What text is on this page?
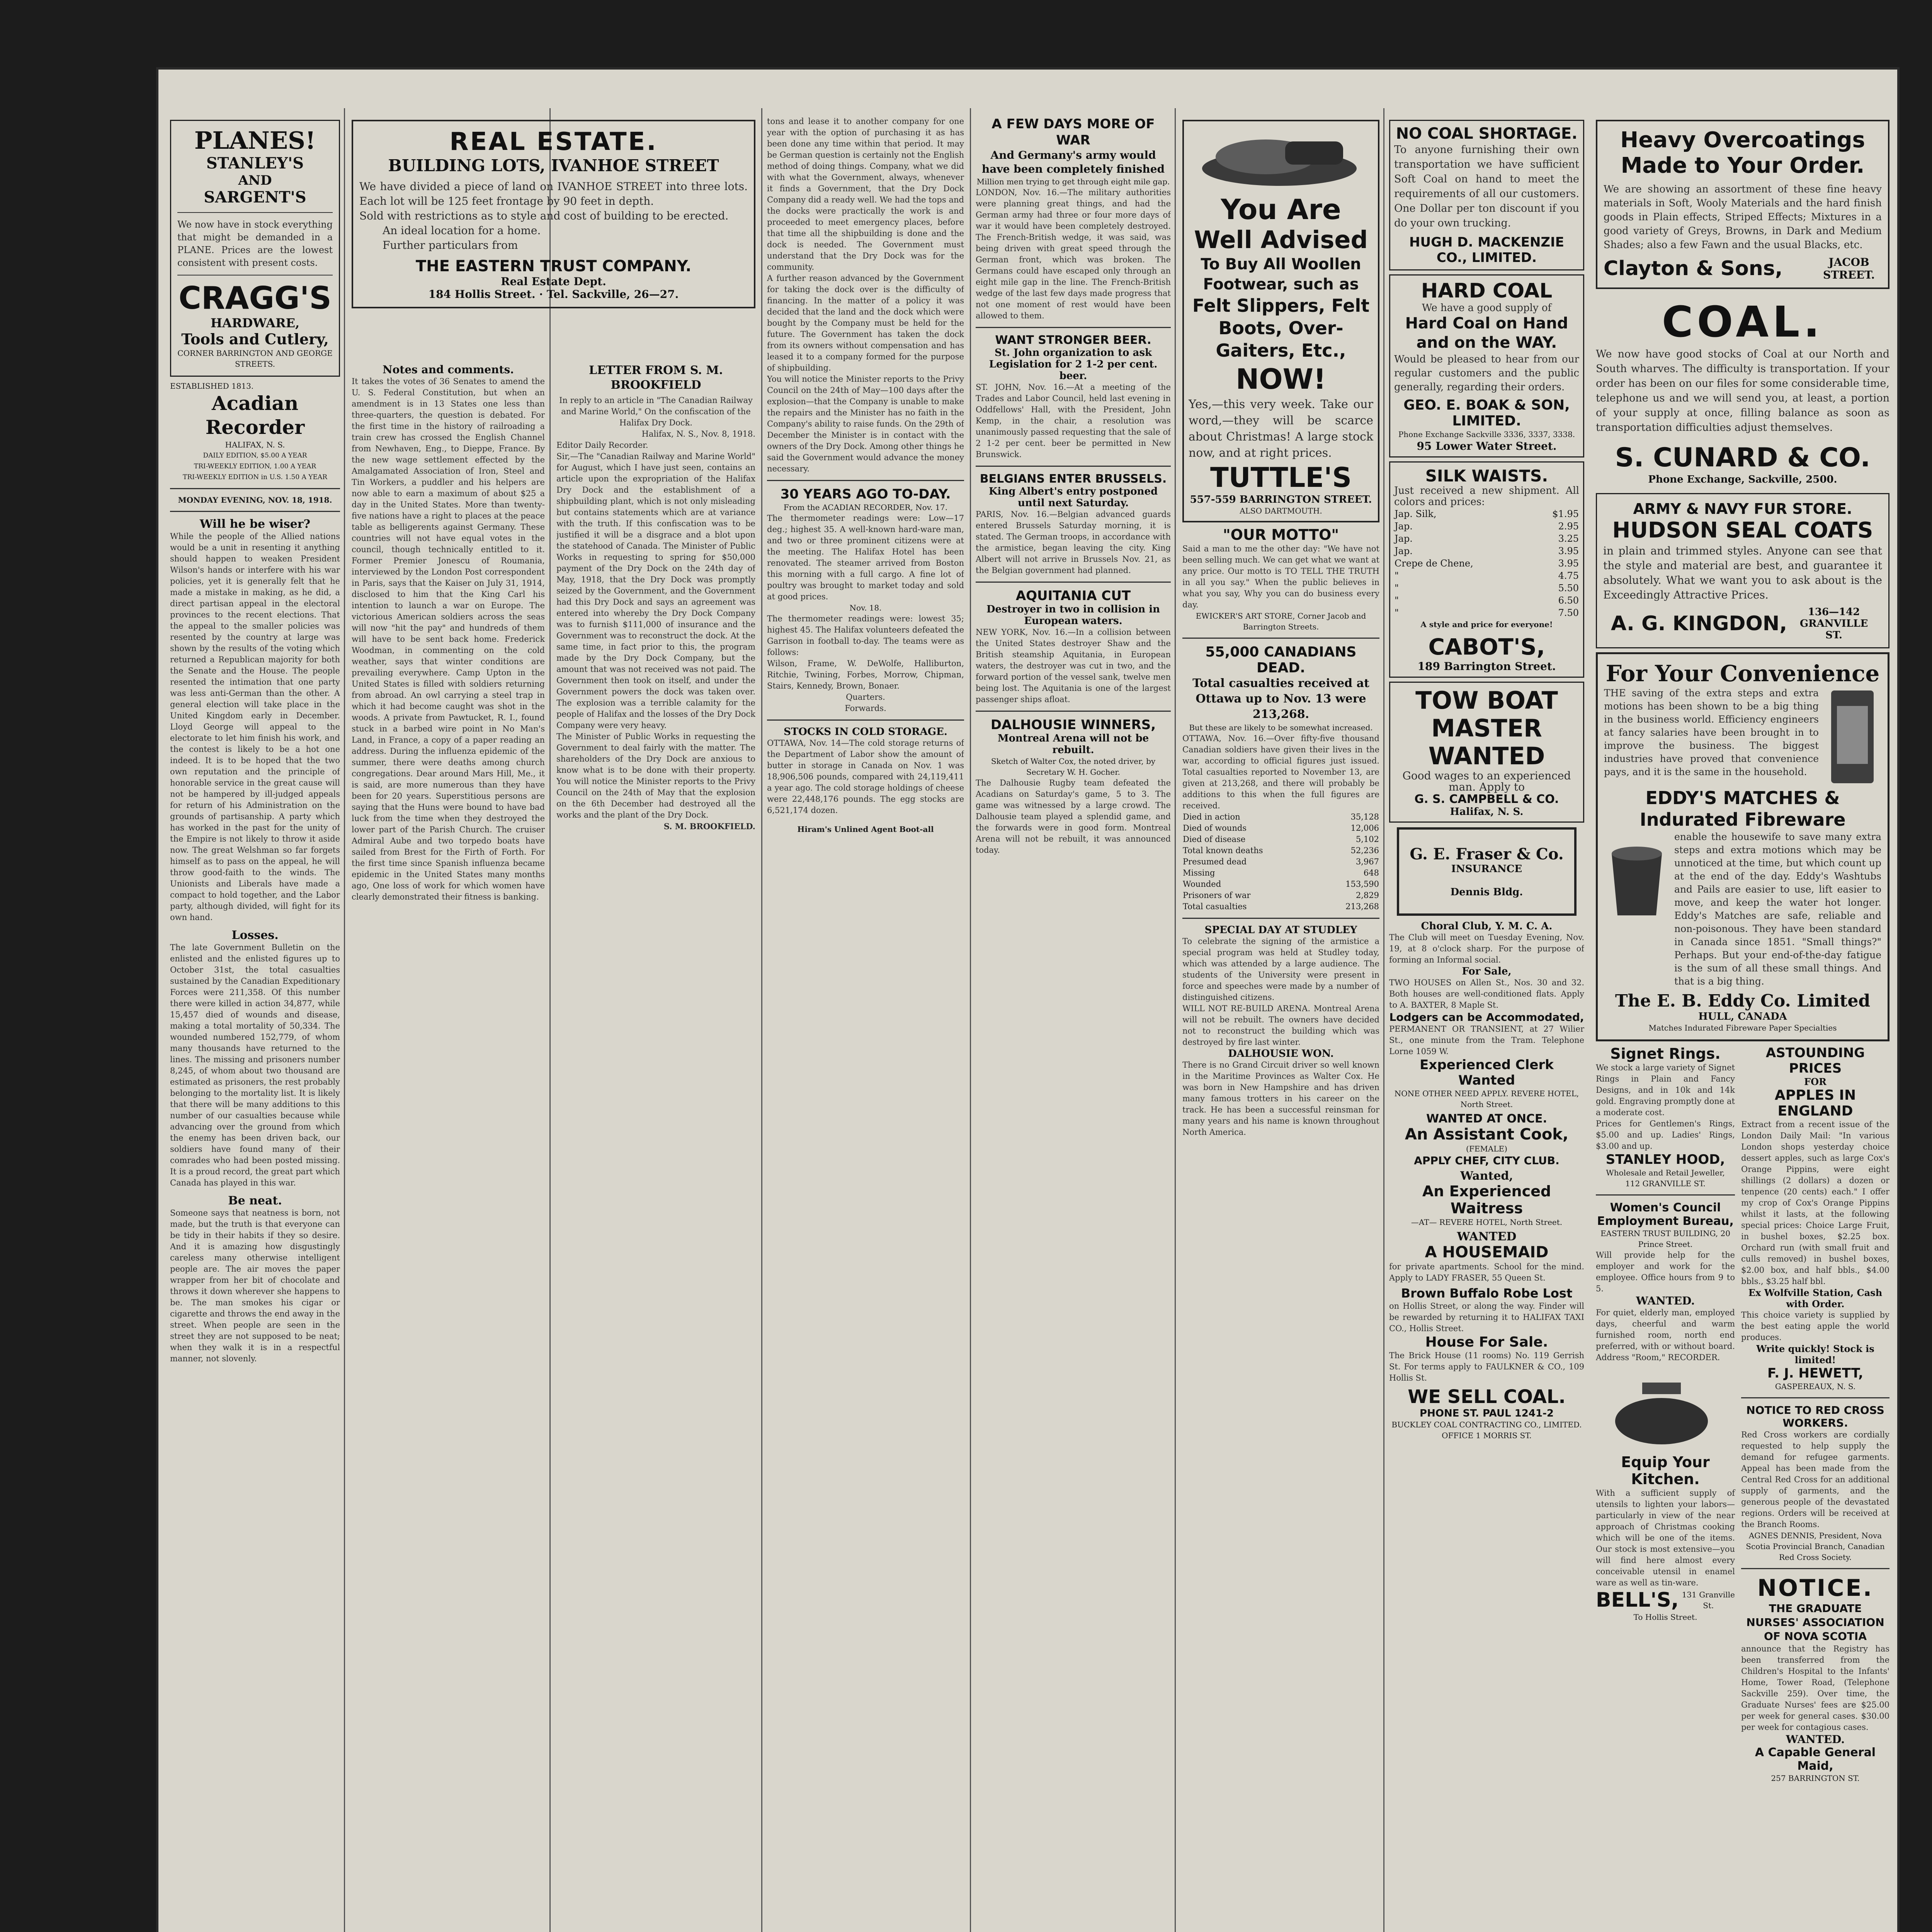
PLANES!
STANLEY'S
AND
SARGENT'S
We now have in stock everything that might be demanded in a PLANE. Prices are the lowest consistent with present costs.
CRAGG'S
HARDWARE,
Tools and Cutlery,
CORNER BARRINGTON AND GEORGE STREETS.
ESTABLISHED 1813.
Acadian Recorder
HALIFAX, N. S.
DAILY EDITION, $5.00 A YEAR
TRI-WEEKLY EDITION, 1.00 A YEAR
TRI-WEEKLY EDITION in U.S. 1.50 A YEAR
MONDAY EVENING, NOV. 18, 1918.
Will he be wiser?
While the people of the Allied nations would be a unit in resenting it anything should happen to weaken President Wilson's hands or interfere with his war policies, yet it is generally felt that he made a mistake in making, as he did, a direct partisan appeal in the electoral provinces to the recent elections. That the appeal to the smaller policies was resented by the country at large was shown by the results of the voting which returned a Republican majority for both the Senate and the House. The people resented the intimation that one party was less anti-German than the other. A general election will take place in the United Kingdom early in December. Lloyd George will appeal to the electorate to let him finish his work, and the contest is likely to be a hot one indeed. It is to be hoped that the two own reputation and the principle of honorable service in the great cause will not be hampered by ill-judged appeals for return of his Administration on the grounds of partisanship. A party which has worked in the past for the unity of the Empire is not likely to throw it aside now. The great Welshman so far forgets himself as to pass on the appeal, he will throw good-faith to the winds. The Unionists and Liberals have made a compact to hold together, and the Labor party, although divided, will fight for its own hand.
Losses.
The late Government Bulletin on the enlisted and the enlisted figures up to October 31st, the total casualties sustained by the Canadian Expeditionary Forces were 211,358. Of this number there were killed in action 34,877, while 15,457 died of wounds and disease, making a total mortality of 50,334. The wounded numbered 152,779, of whom many thousands have returned to the lines. The missing and prisoners number 8,245, of whom about two thousand are estimated as prisoners, the rest probably belonging to the mortality list. It is likely that there will be many additions to this number of our casualties because while advancing over the ground from which the enemy has been driven back, our soldiers have found many of their comrades who had been posted missing. It is a proud record, the great part which Canada has played in this war.
Be neat.
Someone says that neatness is born, not made, but the truth is that everyone can be tidy in their habits if they so desire. And it is amazing how disgustingly careless many otherwise intelligent people are. The air moves the paper wrapper from her bit of chocolate and throws it down wherever she happens to be. The man smokes his cigar or cigarette and throws the end away in the street. When people are seen in the street they are not supposed to be neat; when they walk it is in a respectful manner, not slovenly.
REAL ESTATE.
BUILDING LOTS, IVANHOE STREET
We have divided a piece of land on IVANHOE STREET into three lots. Each lot will be 125 feet frontage by 90 feet in depth.
Sold with restrictions as to style and cost of building to be erected.
An ideal location for a home.
Further particulars from
THE EASTERN TRUST COMPANY.
Real Estate Dept.
184 Hollis Street. · Tel. Sackville, 26—27.
Notes and comments.
It takes the votes of 36 Senates to amend the U. S. Federal Constitution, but when an amendment is in 13 States one less than three-quarters, the question is debated. For the first time in the history of railroading a train crew has crossed the English Channel from Newhaven, Eng., to Dieppe, France. By the new wage settlement effected by the Amalgamated Association of Iron, Steel and Tin Workers, a puddler and his helpers are now able to earn a maximum of about $25 a day in the United States. More than twenty-five nations have a right to places at the peace table as belligerents against Germany. These countries will not have equal votes in the council, though technically entitled to it. Former Premier Jonescu of Roumania, interviewed by the London Post correspondent in Paris, says that the Kaiser on July 31, 1914, disclosed to him that the King Carl his intention to launch a war on Europe. The victorious American soldiers across the seas will now "hit the pay" and hundreds of them will have to be sent back home. Frederick Woodman, in commenting on the cold weather, says that winter conditions are prevailing everywhere. Camp Upton in the United States is filled with soldiers returning from abroad. An owl carrying a steel trap in which it had become caught was shot in the woods. A private from Pawtucket, R. I., found stuck in a barbed wire point in No Man's Land, in France, a copy of a paper reading an address. During the influenza epidemic of the summer, there were deaths among church congregations. Dear around Mars Hill, Me., it is said, are more numerous than they have been for 20 years. Superstitious persons are saying that the Huns were bound to have bad luck from the time when they destroyed the lower part of the Parish Church. The cruiser Admiral Aube and two torpedo boats have sailed from Brest for the Firth of Forth. For the first time since Spanish influenza became epidemic in the United States many months ago, One loss of work for which women have clearly demonstrated their fitness is banking.
LETTER FROM S. M. BROOKFIELD
In reply to an article in "The Canadian Railway and Marine World," On the confiscation of the Halifax Dry Dock.
Halifax, N. S., Nov. 8, 1918.
Editor Daily Recorder.
Sir,—The "Canadian Railway and Marine World" for August, which I have just seen, contains an article upon the expropriation of the Halifax Dry Dock and the establishment of a shipbuilding plant, which is not only misleading but contains statements which are at variance with the truth. If this confiscation was to be justified it will be a disgrace and a blot upon the statehood of Canada. The Minister of Public Works in requesting to spring for $50,000 payment of the Dry Dock on the 24th day of May, 1918, that the Dry Dock was promptly seized by the Government, and the Government had this Dry Dock and says an agreement was entered into whereby the Dry Dock Company was to furnish $111,000 of insurance and the Government was to reconstruct the dock. At the same time, in fact prior to this, the program made by the Dry Dock Company, but the amount that was not received was not paid. The Government then took on itself, and under the Government powers the dock was taken over. The explosion was a terrible calamity for the people of Halifax and the losses of the Dry Dock Company were very heavy.
The Minister of Public Works in requesting the Government to deal fairly with the matter. The shareholders of the Dry Dock are anxious to know what is to be done with their property. You will notice the Minister reports to the Privy Council on the 24th of May that the explosion on the 6th December had destroyed all the works and the plant of the Dry Dock.
S. M. BROOKFIELD.
tons and lease it to another company for one year with the option of purchasing it as has been done any time within that period. It may be German question is certainly not the English method of doing things. Company, what we did with what the Government, always, whenever it finds a Government, that the Dry Dock Company did a ready well. We had the tops and the docks were practically the work is and proceeded to meet emergency places, before that time all the shipbuilding is done and the dock is needed. The Government must understand that the Dry Dock was for the community.
A further reason advanced by the Government for taking the dock over is the difficulty of financing. In the matter of a policy it was decided that the land and the dock which were bought by the Company must be held for the future. The Government has taken the dock from its owners without compensation and has leased it to a company formed for the purpose of shipbuilding.
You will notice the Minister reports to the Privy Council on the 24th of May—100 days after the explosion—that the Company is unable to make the repairs and the Minister has no faith in the Company's ability to raise funds. On the 29th of December the Minister is in contact with the owners of the Dry Dock. Among other things he said the Government would advance the money necessary.
30 YEARS AGO TO-DAY.
From the ACADIAN RECORDER, Nov. 17.
The thermometer readings were: Low—17 deg.; highest 35. A well-known hard-ware man, and two or three prominent citizens were at the meeting. The Halifax Hotel has been renovated. The steamer arrived from Boston this morning with a full cargo. A fine lot of poultry was brought to market today and sold at good prices.
Nov. 18.
The thermometer readings were: lowest 35; highest 45. The Halifax volunteers defeated the Garrison in football to-day. The teams were as follows:
Wilson, Frame, W. DeWolfe, Halliburton, Ritchie, Twining, Forbes, Morrow, Chipman, Stairs, Kennedy, Brown, Bonaer.
Quarters.
Forwards.
STOCKS IN COLD STORAGE.
OTTAWA, Nov. 14—The cold storage returns of the Department of Labor show the amount of butter in storage in Canada on Nov. 1 was 18,906,506 pounds, compared with 24,119,411 a year ago. The cold storage holdings of cheese were 22,448,176 pounds. The egg stocks are 6,521,174 dozen.
Hiram's Unlined Agent Boot-all
A FEW DAYS MORE OF WAR
And Germany's army would have been completely finished
Million men trying to get through eight mile gap.
LONDON, Nov. 16.—The military authorities were planning great things, and had the German army had three or four more days of war it would have been completely destroyed. The French-British wedge, it was said, was being driven with great speed through the German front, which was broken. The Germans could have escaped only through an eight mile gap in the line. The French-British wedge of the last few days made progress that not one moment of rest would have been allowed to them.
WANT STRONGER BEER.
St. John organization to ask Legislation for 2 1-2 per cent. beer.
ST. JOHN, Nov. 16.—At a meeting of the Trades and Labor Council, held last evening in Oddfellows' Hall, with the President, John Kemp, in the chair, a resolution was unanimously passed requesting that the sale of 2 1-2 per cent. beer be permitted in New Brunswick.
BELGIANS ENTER BRUSSELS.
King Albert's entry postponed until next Saturday.
PARIS, Nov. 16.—Belgian advanced guards entered Brussels Saturday morning, it is stated. The German troops, in accordance with the armistice, began leaving the city. King Albert will not arrive in Brussels Nov. 21, as the Belgian government had planned.
AQUITANIA CUT
Destroyer in two in collision in European waters.
NEW YORK, Nov. 16.—In a collision between the United States destroyer Shaw and the British steamship Aquitania, in European waters, the destroyer was cut in two, and the forward portion of the vessel sank, twelve men being lost. The Aquitania is one of the largest passenger ships afloat.
DALHOUSIE WINNERS,
Montreal Arena will not be rebuilt.
Sketch of Walter Cox, the noted driver, by Secretary W. H. Gocher.
The Dalhousie Rugby team defeated the Acadians on Saturday's game, 5 to 3. The game was witnessed by a large crowd. The Dalhousie team played a splendid game, and the forwards were in good form. Montreal Arena will not be rebuilt, it was announced today.
You Are
Well Advised
To Buy All Woollen Footwear, such as
Felt Slippers, Felt Boots, Over-Gaiters, Etc.,
NOW!
Yes,—this very week. Take our word,—they will be scarce about Christmas! A large stock now, and at right prices.
TUTTLE'S
557-559 BARRINGTON STREET.
ALSO DARTMOUTH.
"OUR MOTTO"
Said a man to me the other day: "We have not been selling much. We can get what we want at any price. Our motto is TO TELL THE TRUTH in all you say." When the public believes in what you say, Why you can do business every day.
EWICKER'S ART STORE, Corner Jacob and Barrington Streets.
55,000 CANADIANS DEAD.
Total casualties received at Ottawa up to Nov. 13 were 213,268.
But these are likely to be somewhat increased.
OTTAWA, Nov. 16.—Over fifty-five thousand Canadian soldiers have given their lives in the war, according to official figures just issued. Total casualties reported to November 13, are given at 213,268, and there will probably be additions to this when the full figures are received.
Died in action	35,128
Died of wounds	12,006
Died of disease	5,102
Total known deaths	52,236
Presumed dead	3,967
Missing	648
Wounded	153,590
Prisoners of war	2,829
Total casualties	213,268
SPECIAL DAY AT STUDLEY
To celebrate the signing of the armistice a special program was held at Studley today, which was attended by a large audience. The students of the University were present in force and speeches were made by a number of distinguished citizens.
WILL NOT RE-BUILD ARENA. Montreal Arena will not be rebuilt. The owners have decided not to reconstruct the building which was destroyed by fire last winter.
DALHOUSIE WON.
There is no Grand Circuit driver so well known in the Maritime Provinces as Walter Cox. He was born in New Hampshire and has driven many famous trotters in his career on the track. He has been a successful reinsman for many years and his name is known throughout North America.
NO COAL SHORTAGE.
To anyone furnishing their own transportation we have sufficient Soft Coal on hand to meet the requirements of all our customers. One Dollar per ton discount if you do your own trucking.
HUGH D. MACKENZIE CO., LIMITED.
HARD COAL
We have a good supply of
Hard Coal on Hand and on the WAY.
Would be pleased to hear from our regular customers and the public generally, regarding their orders.
GEO. E. BOAK & SON, LIMITED.
Phone Exchange Sackville 3336, 3337, 3338.
95 Lower Water Street.
SILK WAISTS.
Just received a new shipment. All colors and prices:
Jap. Silk,	$1.95
Jap.	2.95
Jap.	3.25
Jap.	3.95
Crepe de Chene,	3.95
"	4.75
"	5.50
"	6.50
"	7.50
A style and price for everyone!
CABOT'S,
189 Barrington Street.
TOW BOAT MASTER WANTED
Good wages to an experienced man. Apply to
G. S. CAMPBELL & CO.
Halifax, N. S.
G. E. Fraser & Co.
INSURANCE
Dennis Bldg.
Choral Club, Y. M. C. A.
The Club will meet on Tuesday Evening, Nov. 19, at 8 o'clock sharp. For the purpose of forming an Informal social.
For Sale,
TWO HOUSES on Allen St., Nos. 30 and 32. Both houses are well-conditioned flats. Apply to A. BAXTER, 8 Maple St.
Lodgers can be Accommodated,
PERMANENT OR TRANSIENT, at 27 Wilier St., one minute from the Tram. Telephone Lorne 1059 W.
Experienced Clerk Wanted
NONE OTHER NEED APPLY. REVERE HOTEL, North Street.
WANTED AT ONCE.
An Assistant Cook,
(FEMALE)
APPLY CHEF, CITY CLUB.
Wanted,
An Experienced Waitress
—AT— REVERE HOTEL, North Street.
WANTED
A HOUSEMAID
for private apartments. School for the mind. Apply to LADY FRASER, 55 Queen St.
Brown Buffalo Robe Lost
on Hollis Street, or along the way. Finder will be rewarded by returning it to HALIFAX TAXI CO., Hollis Street.
House For Sale.
The Brick House (11 rooms) No. 119 Gerrish St. For terms apply to FAULKNER & CO., 109 Hollis St.
WE SELL COAL.
PHONE ST. PAUL 1241-2
BUCKLEY COAL CONTRACTING CO., LIMITED.
OFFICE 1 MORRIS ST.
Heavy Overcoatings Made to Your Order.
We are showing an assortment of these fine heavy materials in Soft, Wooly Materials and the hard finish goods in Plain effects, Striped Effects; Mixtures in a good variety of Greys, Browns, in Dark and Medium Shades; also a few Fawn and the usual Blacks, etc.
Clayton & Sons,	JACOB STREET.
COAL.
We now have good stocks of Coal at our North and South wharves. The difficulty is transportation. If your order has been on our files for some considerable time, telephone us and we will send you, at least, a portion of your supply at once, filling balance as soon as transportation difficulties adjust themselves.
S. CUNARD & CO.
Phone Exchange, Sackville, 2500.
ARMY & NAVY FUR STORE.
HUDSON SEAL COATS
in plain and trimmed styles. Anyone can see that the style and material are best, and guarantee it absolutely. What we want you to ask about is the Exceedingly Attractive Prices.
A. G. KINGDON,	136—142 GRANVILLE ST.
For Your Convenience
THE saving of the extra steps and extra motions has been shown to be a big thing in the business world. Efficiency engineers at fancy salaries have been brought in to improve the business. The biggest industries have proved that convenience pays, and it is the same in the household.
EDDY'S MATCHES & Indurated Fibreware
enable the housewife to save many extra steps and extra motions which may be unnoticed at the time, but which count up at the end of the day. Eddy's Washtubs and Pails are easier to use, lift easier to move, and keep the water hot longer. Eddy's Matches are safe, reliable and non-poisonous. They have been standard in Canada since 1851. "Small things?" Perhaps. But your end-of-the-day fatigue is the sum of all these small things. And that is a big thing.
The E. B. Eddy Co. Limited
HULL, CANADA
Matches Indurated Fibreware Paper Specialties
Signet Rings.
We stock a large variety of Signet Rings in Plain and Fancy Designs, and in 10k and 14k gold. Engraving promptly done at a moderate cost.
Prices for Gentlemen's Rings, $5.00 and up. Ladies' Rings, $3.00 and up.
STANLEY HOOD,
Wholesale and Retail Jeweller,
112 GRANVILLE ST.
Women's Council Employment Bureau,
EASTERN TRUST BUILDING, 20 Prince Street.
Will provide help for the employer and work for the employee. Office hours from 9 to 5.
WANTED.
For quiet, elderly man, employed days, cheerful and warm furnished room, north end preferred, with or without board. Address "Room," RECORDER.
Equip Your Kitchen.
With a sufficient supply of utensils to lighten your labors—particularly in view of the near approach of Christmas cooking which will be one of the items. Our stock is most extensive—you will find here almost every conceivable utensil in enamel ware as well as tin-ware.
BELL'S, 131 Granville St.
To Hollis Street.
ASTOUNDING PRICES
FOR
APPLES IN ENGLAND
Extract from a recent issue of the London Daily Mail: "In various London shops yesterday choice dessert apples, such as large Cox's Orange Pippins, were eight shillings (2 dollars) a dozen or tenpence (20 cents) each." I offer my crop of Cox's Orange Pippins whilst it lasts, at the following special prices: Choice Large Fruit, in bushel boxes, $2.25 box. Orchard run (with small fruit and culls removed) in bushel boxes, $2.00 box, and half bbls., $4.00 bbls., $3.25 half bbl.
Ex Wolfville Station, Cash with Order.
This choice variety is supplied by the best eating apple the world produces.
Write quickly! Stock is limited!
F. J. HEWETT,
GASPEREAUX, N. S.
NOTICE TO RED CROSS WORKERS.
Red Cross workers are cordially requested to help supply the demand for refugee garments. Appeal has been made from the Central Red Cross for an additional supply of garments, and the generous people of the devastated regions. Orders will be received at the Branch Rooms.
AGNES DENNIS, President, Nova Scotia Provincial Branch, Canadian Red Cross Society.
NOTICE.
THE GRADUATE NURSES' ASSOCIATION OF NOVA SCOTIA
announce that the Registry has been transferred from the Children's Hospital to the Infants' Home, Tower Road, (Telephone Sackville 259). Over time, the Graduate Nurses' fees are $25.00 per week for general cases. $30.00 per week for contagious cases.
WANTED.
A Capable General Maid,
257 BARRINGTON ST.
